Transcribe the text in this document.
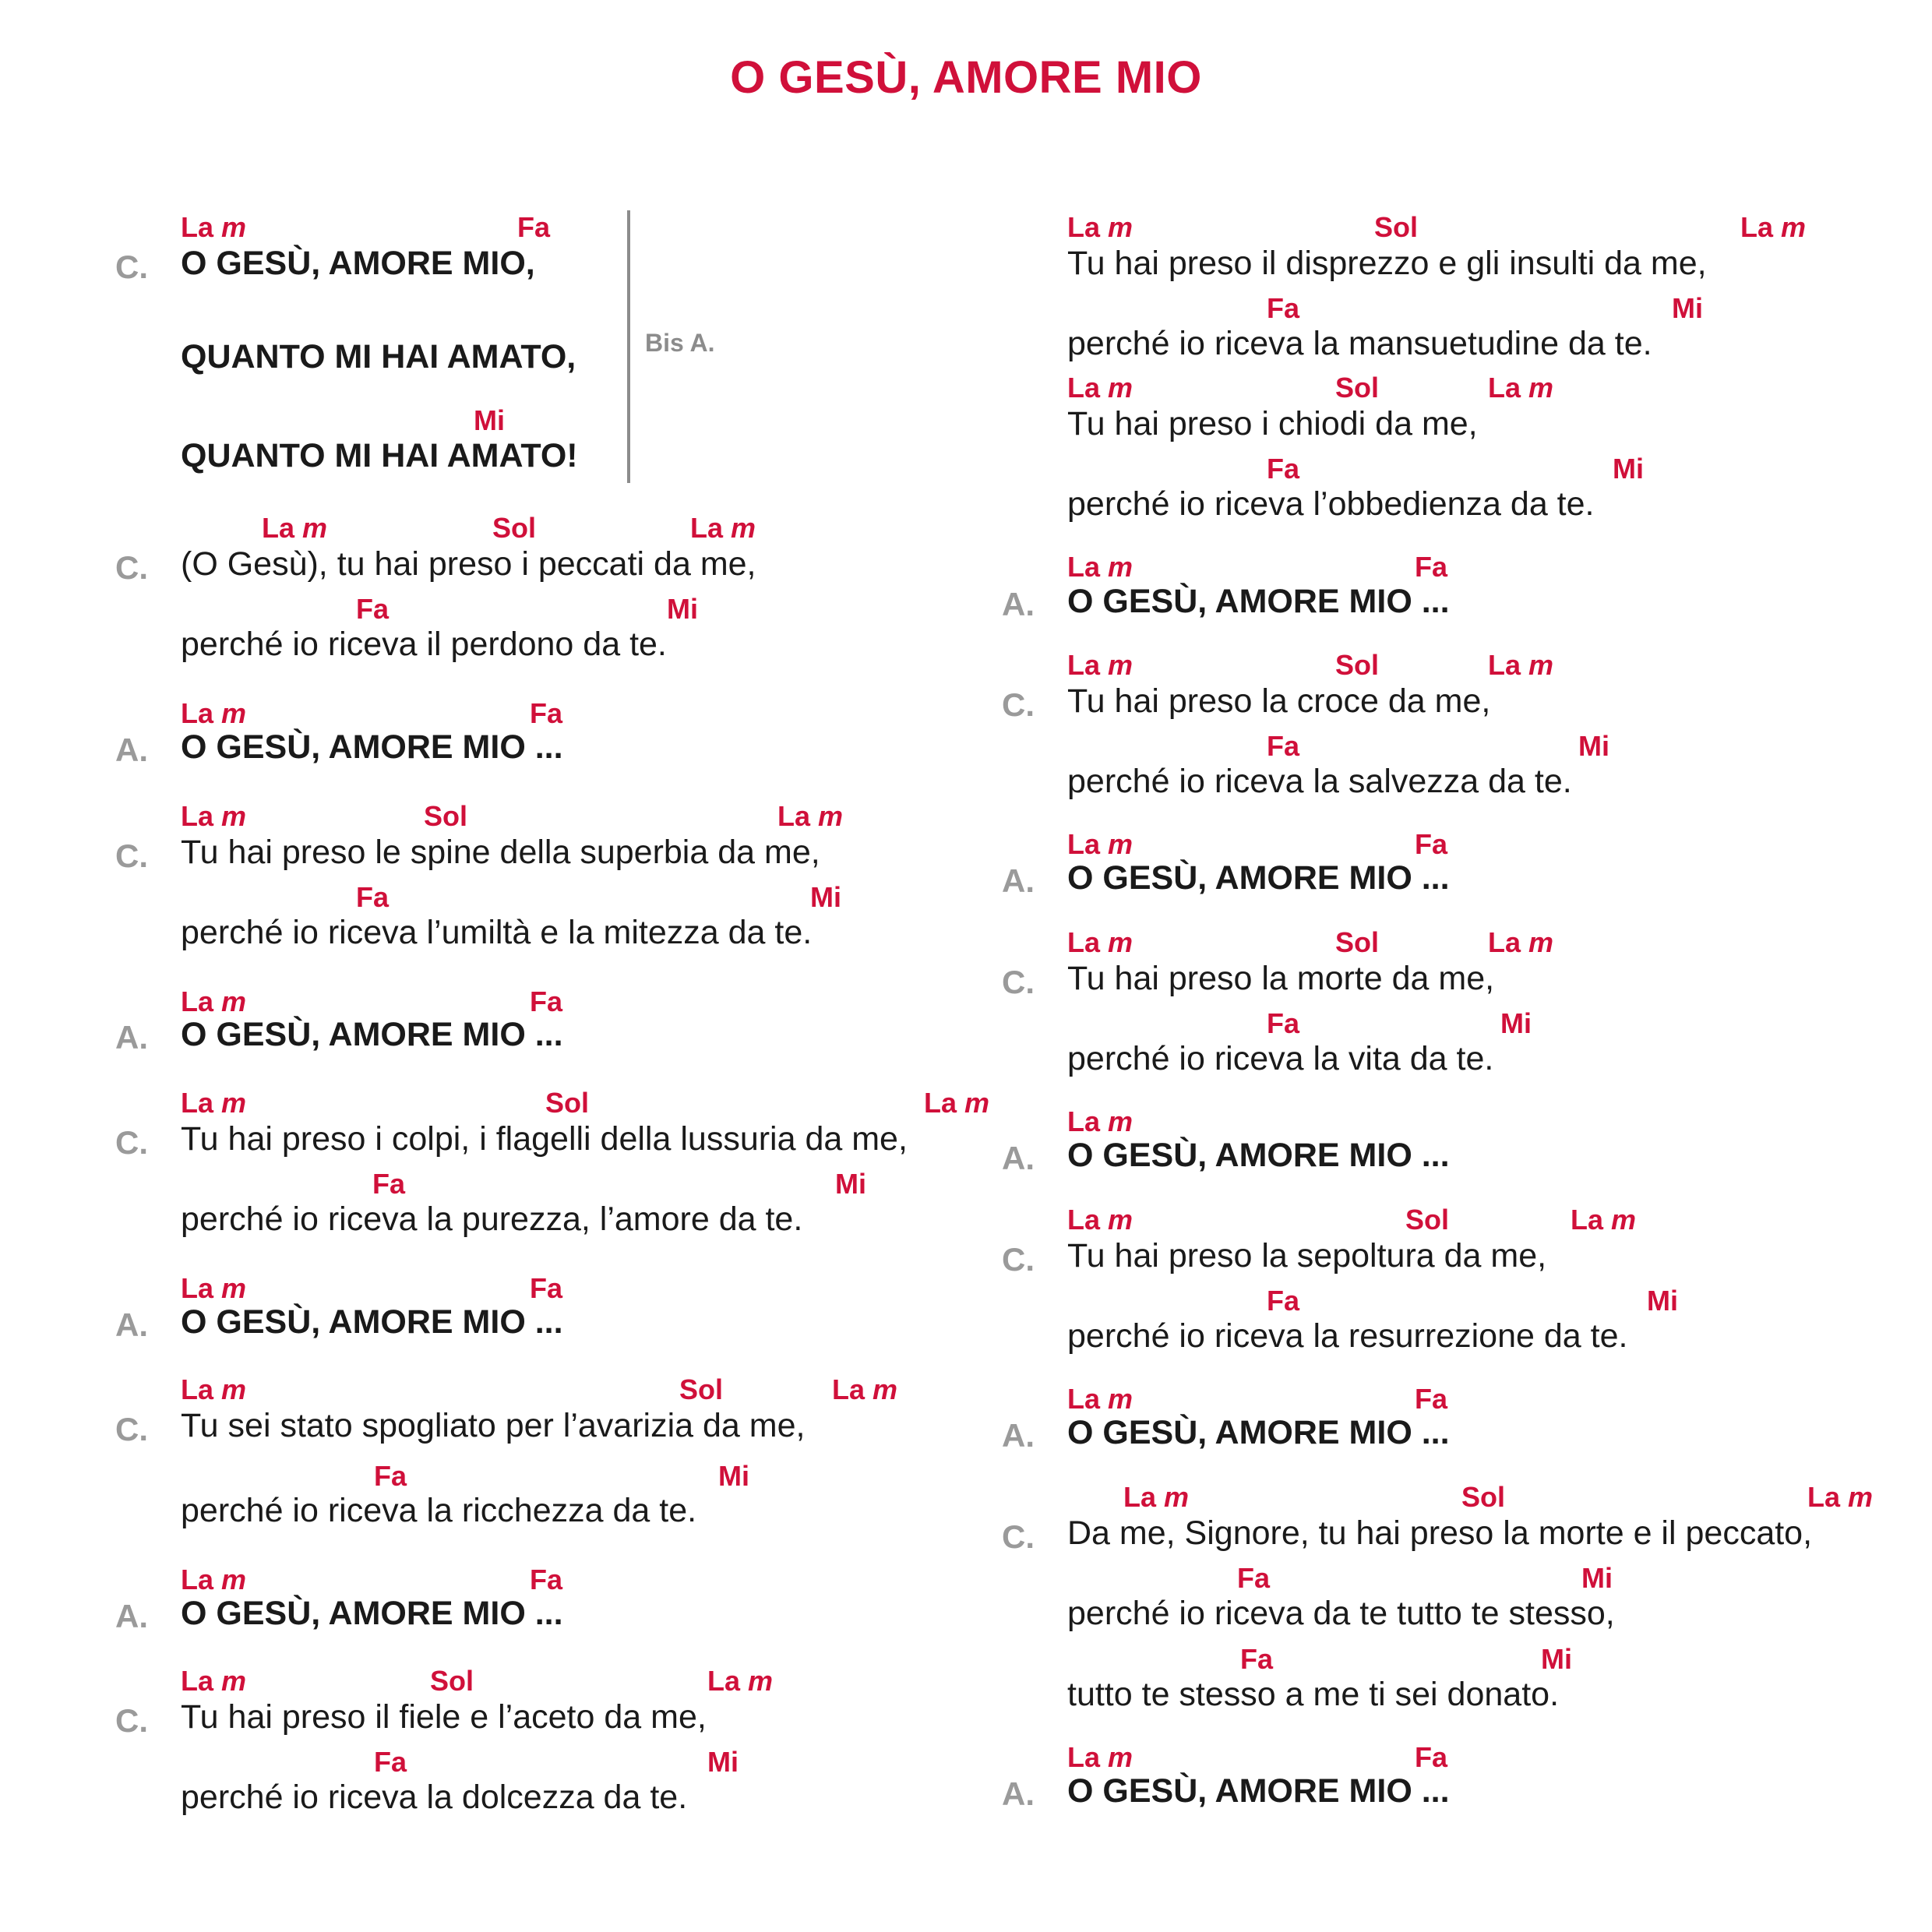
O GESÙ, AMORE MIO
C.
La m	Fa
O GESÙ, AMORE MIO,
QUANTO MI HAI AMATO,
Mi
QUANTO MI HAI AMATO!
Bis A.
La m	Sol	La m
C. (O Gesù), tu hai preso i peccati da me,
Fa	Mi
perché io riceva il perdono da te.
La m	Fa
A. O GESÙ, AMORE MIO ...
La m	Sol	La m
C. Tu hai preso le spine della superbia da me,
Fa	Mi
perché io riceva l’umiltà e la mitezza da te.
La m	Fa
A. O GESÙ, AMORE MIO ...
La m	Sol	La m
C. Tu hai preso i colpi, i flagelli della lussuria da me,
Fa	Mi
perché io riceva la purezza, l’amore da te.
La m	Fa
A. O GESÙ, AMORE MIO ...
La m	Sol	La m
C. Tu sei stato spogliato per l’avarizia da me,
Fa	Mi
perché io riceva la ricchezza da te.
La m	Fa
A. O GESÙ, AMORE MIO ...
La m	Sol	La m
C. Tu hai preso il fiele e l’aceto da me,
Fa	Mi
perché io riceva la dolcezza da te.
La m	Sol	La m
Tu hai preso il disprezzo e gli insulti da me,
Fa	Mi
perché io riceva la mansuetudine da te.
La m	Sol	La m
Tu hai preso i chiodi da me,
Fa	Mi
perché io riceva l’obbedienza da te.
La m	Fa
A. O GESÙ, AMORE MIO ...
La m	Sol	La m
C. Tu hai preso la croce da me,
Fa	Mi
perché io riceva la salvezza da te.
La m	Fa
A. O GESÙ, AMORE MIO ...
La m	Sol	La m
C. Tu hai preso la morte da me,
Fa	Mi
perché io riceva la vita da te.
La m
A. O GESÙ, AMORE MIO ...
La m	Sol	La m
C. Tu hai preso la sepoltura da me,
Fa	Mi
perché io riceva la resurrezione da te.
La m	Fa
A. O GESÙ, AMORE MIO ...
La m	Sol	La m
C. Da me, Signore, tu hai preso la morte e il peccato,
Fa	Mi
perché io riceva da te tutto te stesso,
Fa	Mi
tutto te stesso a me ti sei donato.
La m	Fa
A. O GESÙ, AMORE MIO ...
